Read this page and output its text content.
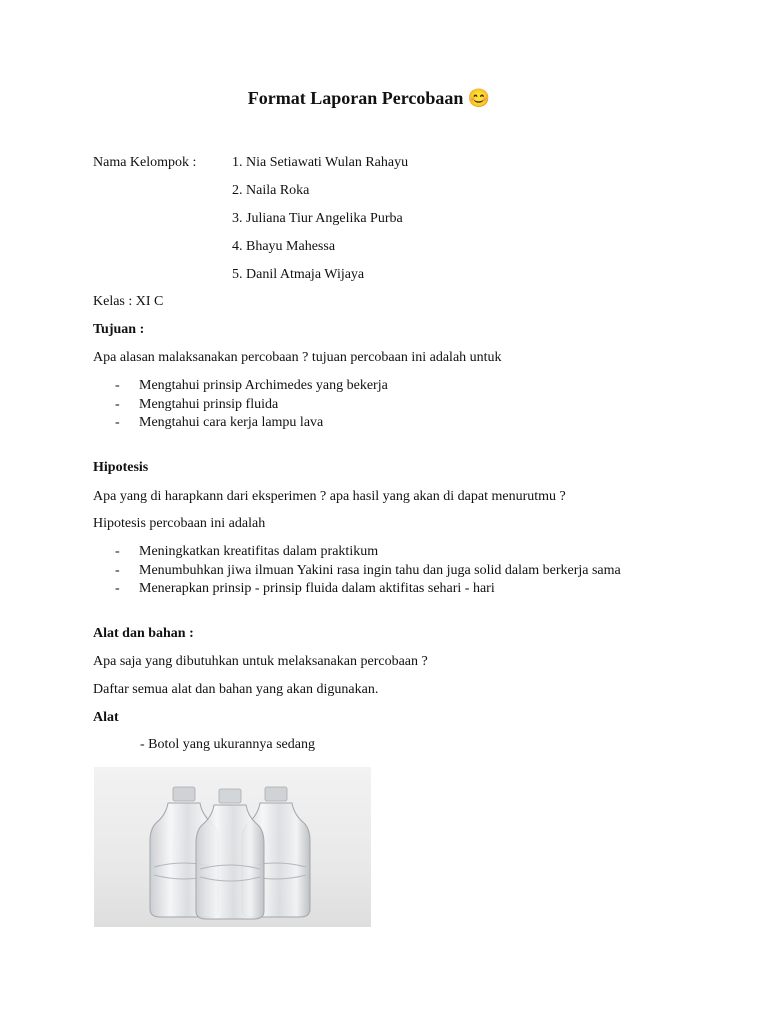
Format Laporan Percobaan 😊
Nama Kelompok :	1. Nia Setiawati Wulan Rahayu
2. Naila Roka
3. Juliana Tiur Angelika Purba
4. Bhayu Mahessa
5. Danil Atmaja Wijaya
Kelas : XI C
Tujuan :
Apa alasan malaksanakan percobaan ? tujuan percobaan ini adalah untuk
- Mengtahui prinsip Archimedes yang bekerja
- Mengtahui prinsip fluida
- Mengtahui cara kerja lampu lava
Hipotesis
Apa yang di harapkann dari eksperimen ? apa hasil yang akan di dapat menurutmu ?
Hipotesis percobaan ini adalah
- Meningkatkan kreatifitas dalam praktikum
- Menumbuhkan jiwa ilmuan Yakini rasa ingin tahu dan juga solid dalam berkerja sama
- Menerapkan prinsip - prinsip fluida dalam aktifitas sehari - hari
Alat dan bahan :
Apa saja yang dibutuhkan untuk melaksanakan percobaan ?
Daftar semua alat dan bahan yang akan digunakan.
Alat
- Botol yang ukurannya sedang
